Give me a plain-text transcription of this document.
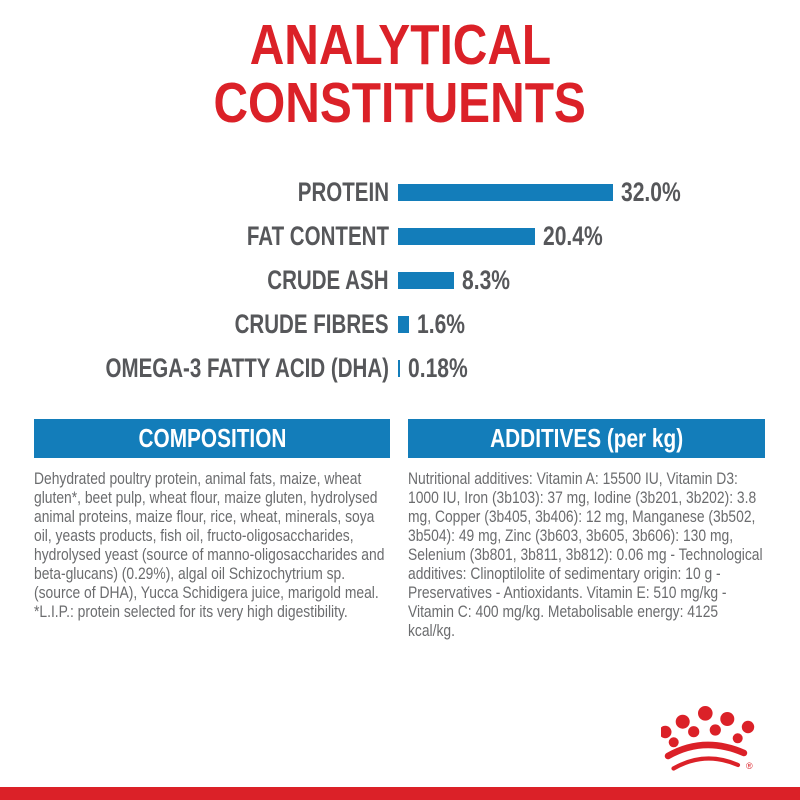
ANALYTICAL
CONSTITUENTS
PROTEIN	32.0%
FAT CONTENT	20.4%
CRUDE ASH	8.3%
CRUDE FIBRES 1.6%
OMEGA-3 FATTY ACID (DHA) 0.18%
COMPOSITION

Dehydrated poultry protein, animal fats, maize, wheat gluten*, beet pulp, wheat flour, maize gluten, hydrolysed animal proteins, maize flour, rice, wheat, minerals, soya oil, yeasts products, fish oil, fructo-oligosaccharides, hydrolysed yeast (source of manno-oligosaccharides and beta-glucans) (0.29%), algal oil Schizochytrium sp. (source of DHA), Yucca Schidigera juice, marigold meal. *L.I.P.: protein selected for its very high digestibility.

ADDITIVES (per kg)

Nutritional additives: Vitamin A: 15500 IU, Vitamin D3: 1000 IU, Iron (3b103): 37 mg, Iodine (3b201, 3b202): 3.8 mg, Copper (3b405, 3b406): 12 mg, Manganese (3b502, 3b504): 49 mg, Zinc (3b603, 3b605, 3b606): 130 mg, Selenium (3b801, 3b811, 3b812): 0.06 mg - Technological additives: Clinoptilolite of sedimentary origin: 10 g - Preservatives - Antioxidants. Vitamin E: 510 mg/kg - Vitamin C: 400 mg/kg. Metabolisable energy: 4125 kcal/kg.

®
